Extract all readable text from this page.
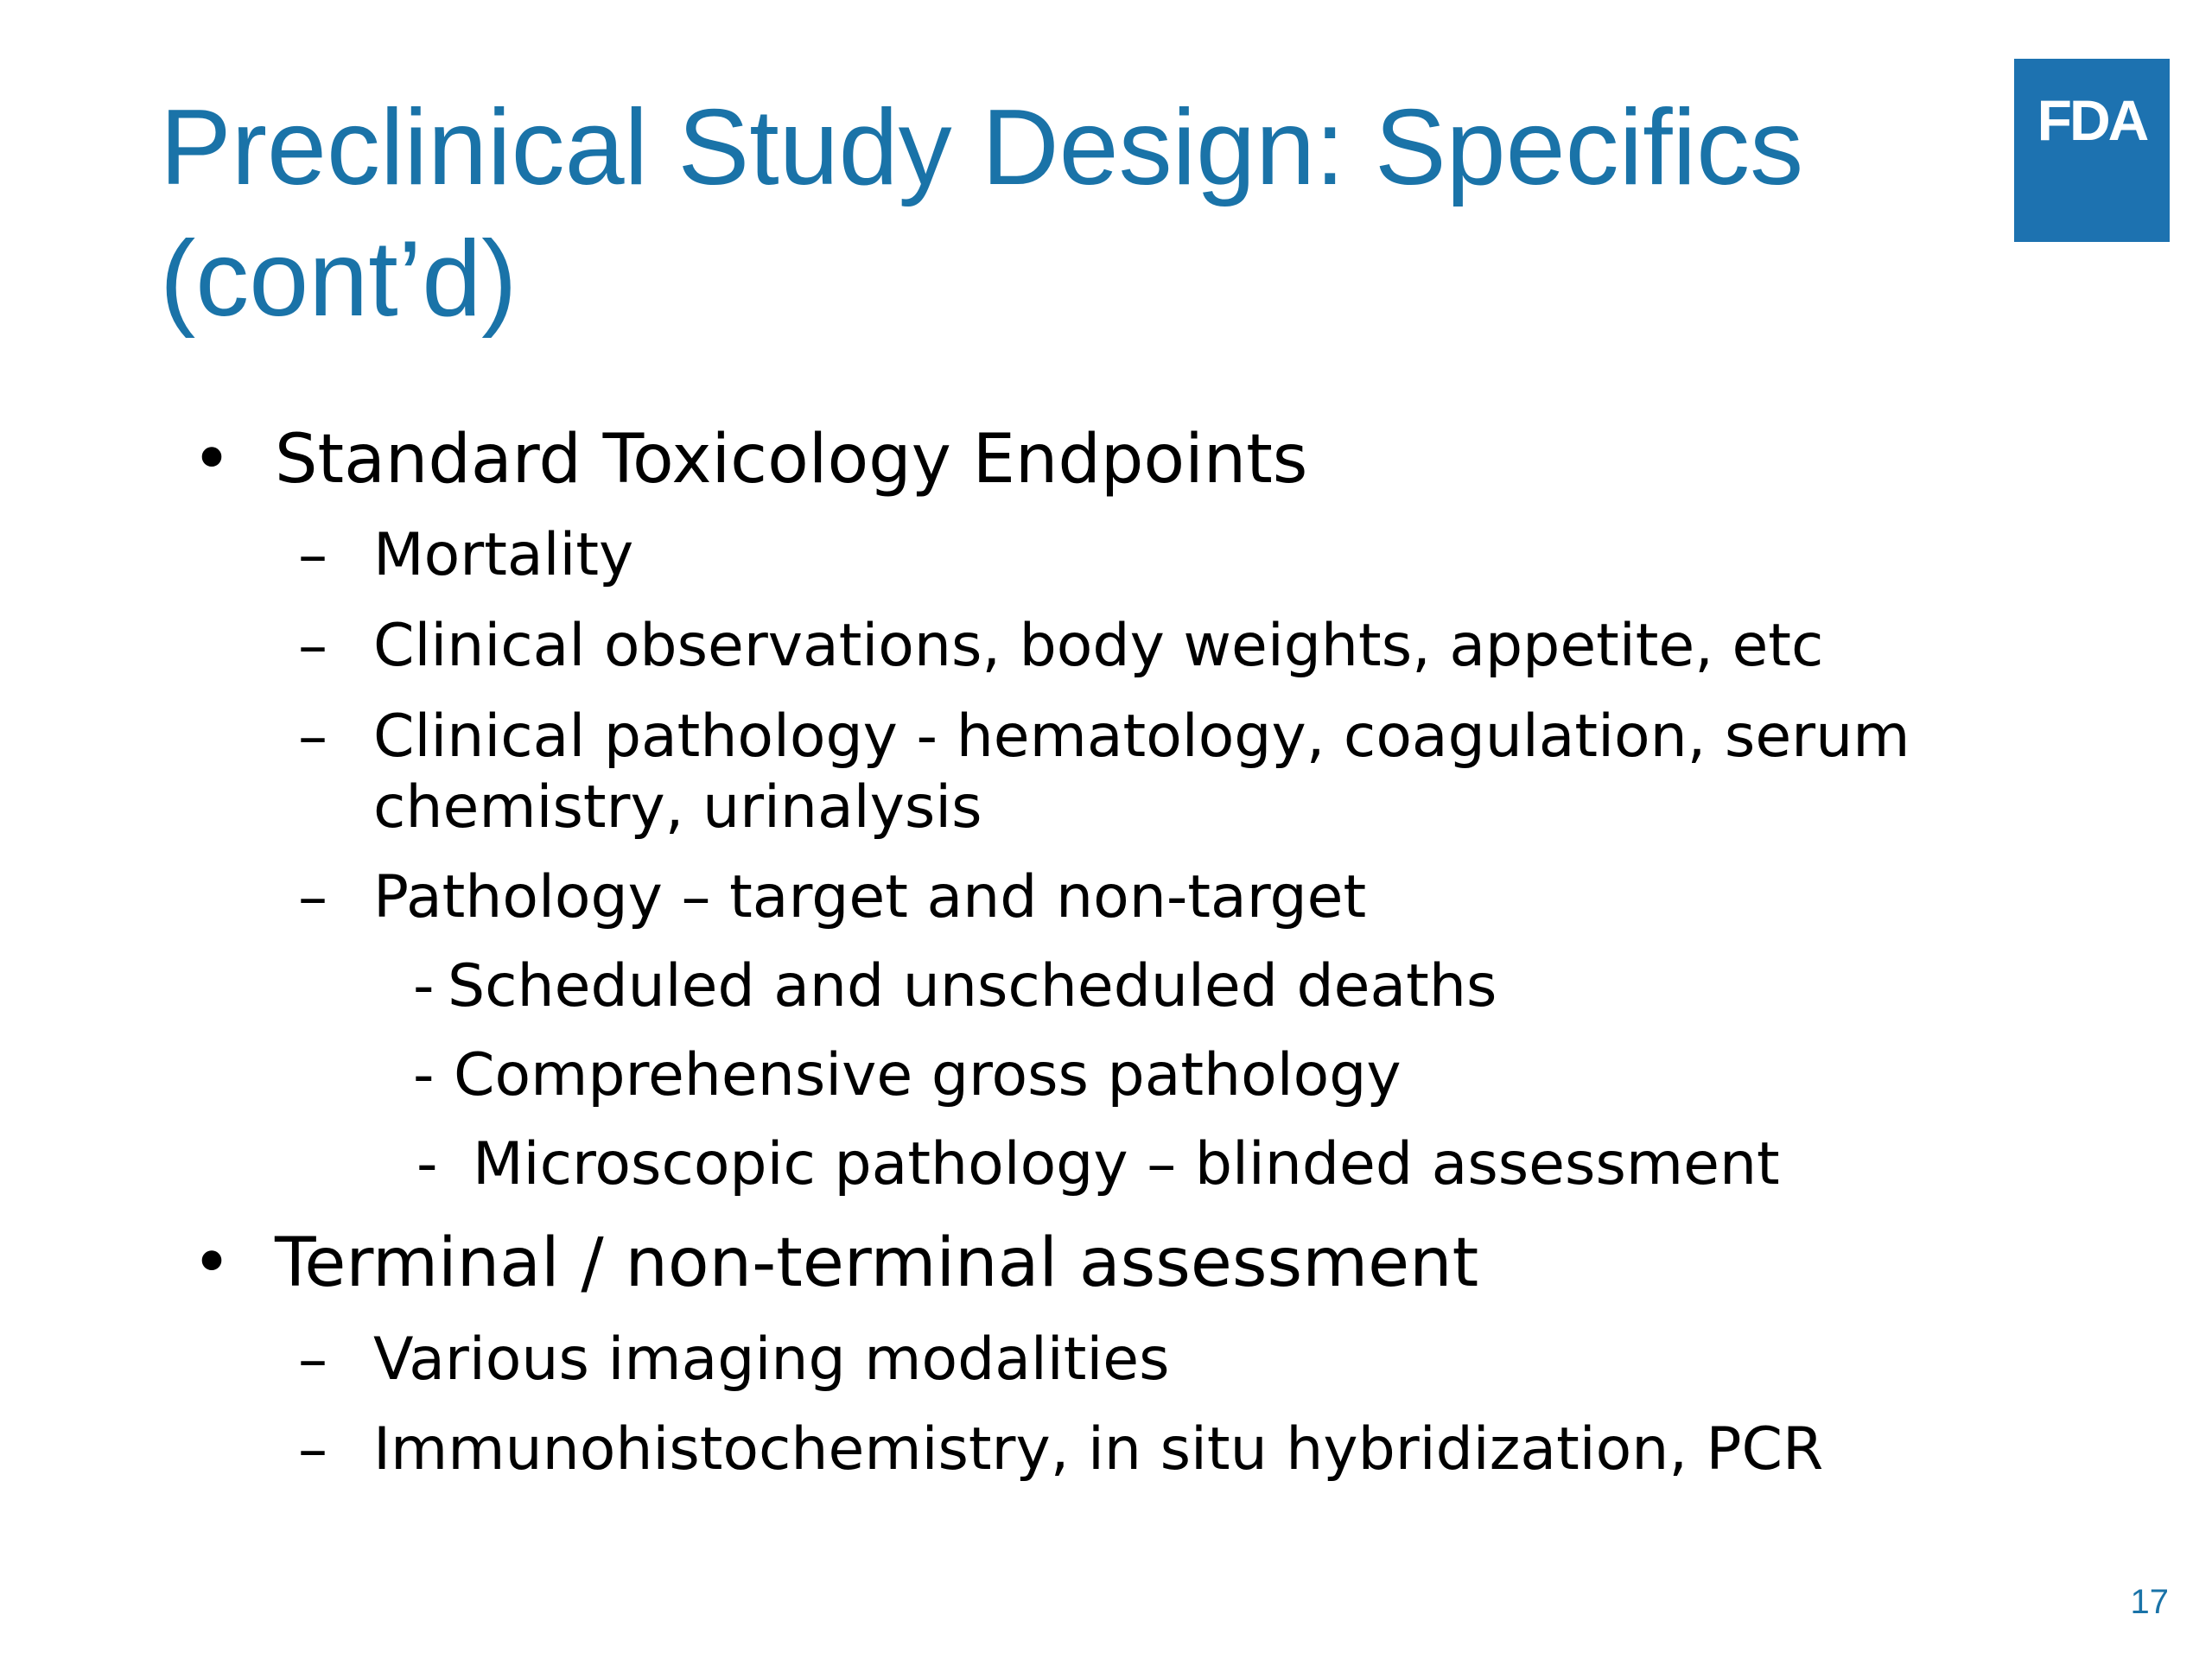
Preclinical Study Design: Specifics
(cont’d)
FDA
• Standard Toxicology Endpoints
– Mortality
– Clinical observations, body weights, appetite, etc
– Clinical pathology - hematology, coagulation, serum
chemistry, urinalysis
– Pathology – target and non-target
- Scheduled and unscheduled deaths
- Comprehensive gross pathology
- Microscopic pathology – blinded assessment
• Terminal / non-terminal assessment
– Various imaging modalities
– Immunohistochemistry, in situ hybridization, PCR
17
